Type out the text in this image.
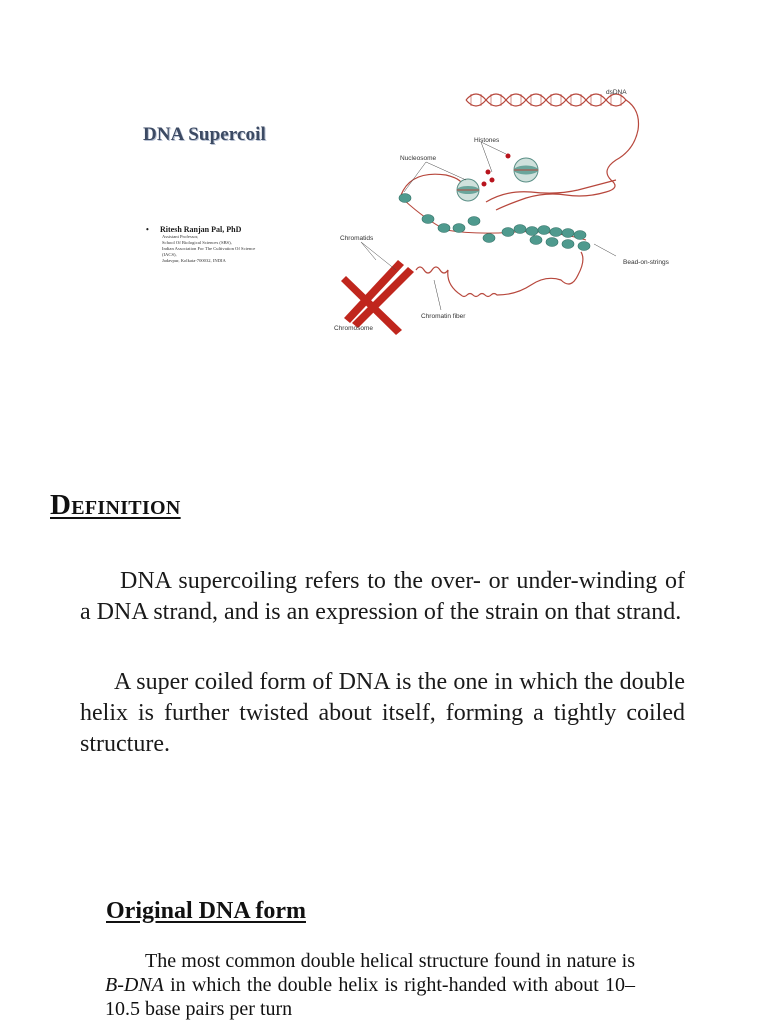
DNA Supercoil
• Ritesh Ranjan Pal, PhD
Assistant Professor,
School Of Biological Sciences (SBS),
Indian Association For The Cultivation Of Science
(IACS),
Jadavpur, Kolkata-700032, INDIA
dsDNA
Histones
Nucleosome
Chromatids
Bead-on-strings
Chromatin fiber
Chromosome
Definition

DNA supercoiling refers to the over- or under-winding of a DNA strand, and is an expression of the strain on that strand.

A super coiled form of DNA is the one in which the double helix is further twisted about itself, forming a tightly coiled structure.

Original DNA form

The most common double helical structure found in nature is B-DNA in which the double helix is right-handed with about 10–10.5 base pairs per turn
